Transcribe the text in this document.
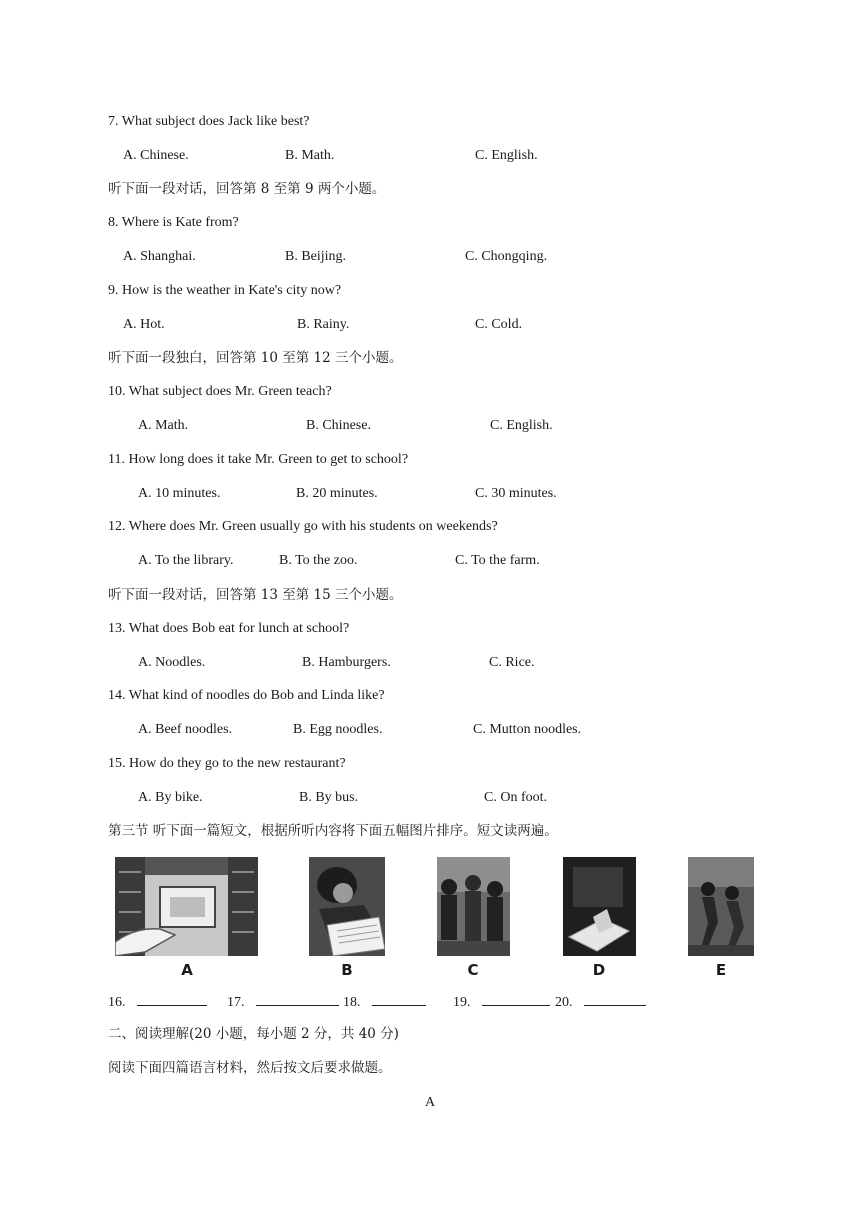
7. What subject does Jack like best?
A. Chinese.	B. Math.	C. English.
听下面一段对话，回答第 8 至第 9 两个小题。
8. Where is Kate from?
A. Shanghai.	B. Beijing.	C. Chongqing.
9. How is the weather in Kate's city now?
A. Hot.	B. Rainy.	C. Cold.
听下面一段独白，回答第 10 至第 12 三个小题。
10. What subject does Mr. Green teach?
A. Math.	B. Chinese.	C. English.
11. How long does it take Mr. Green to get to school?
A. 10 minutes.	B. 20 minutes.	C. 30 minutes.
12. Where does Mr. Green usually go with his students on weekends?
A. To the library.	B. To the zoo.	C. To the farm.
听下面一段对话，回答第 13 至第 15 三个小题。
13. What does Bob eat for lunch at school?
A. Noodles.	B. Hamburgers.	C. Rice.
14. What kind of noodles do Bob and Linda like?
A. Beef noodles.	B. Egg noodles.	C. Mutton noodles.
15. How do they go to the new restaurant?
A. By bike.	B. By bus.	C. On foot.
第三节 听下面一篇短文，根据所听内容将下面五幅图片排序。短文读两遍。
A	B	C	D	E
16.	17.	18.	19.	20.
二、阅读理解(20 小题，每小题 2 分，共 40 分)
阅读下面四篇语言材料，然后按文后要求做题。
A
